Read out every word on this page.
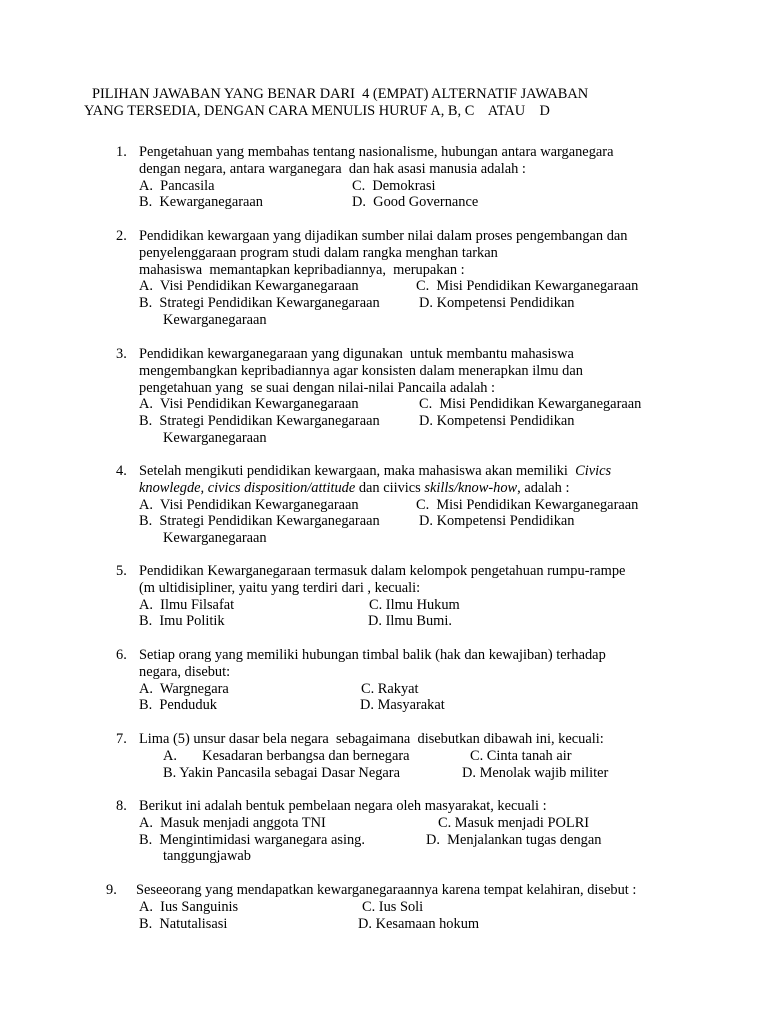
PILIHAN JAWABAN YANG BENAR DARI  4 (EMPAT) ALTERNATIF JAWABAN
YANG TERSEDIA, DENGAN CARA MENULIS HURUF A, B, C    ATAU    D
1. Pengetahuan yang membahas tentang nasionalisme, hubungan antara warganegara
dengan negara, antara warganegara  dan hak asasi manusia adalah :

A.  Pancasila

	C.  Demokrasi

B.  Kewarganegaraan

	D.  Good Governance

2. Pendidikan kewargaan yang dijadikan sumber nilai dalam proses pengembangan dan
penyelenggaraan program studi dalam rangka menghan tarkan
mahasiswa  memantapkan kepribadiannya,  merupakan :

A.  Visi Pendidikan Kewarganegaraan

	C.  Misi Pendidikan Kewarganegaraan

B.  Strategi Pendidikan Kewarganegaraan

	D. Kompetensi Pendidikan

Kewarganegaraan
3. Pendidikan kewarganegaraan yang digunakan  untuk membantu mahasiswa
mengembangkan kepribadiannya agar konsisten dalam menerapkan ilmu dan
pengetahuan yang  se suai dengan nilai-nilai Pancaila adalah :

A.  Visi Pendidikan Kewarganegaraan

	C.  Misi Pendidikan Kewarganegaraan

B.  Strategi Pendidikan Kewarganegaraan

	D. Kompetensi Pendidikan

Kewarganegaraan
4. Setelah mengikuti pendidikan kewargaan, maka mahasiswa akan memiliki  Civics
knowlegde, civics disposition/attitude dan ciivics skills/know-how, adalah :

A.  Visi Pendidikan Kewarganegaraan

	C.  Misi Pendidikan Kewarganegaraan

B.  Strategi Pendidikan Kewarganegaraan

	D. Kompetensi Pendidikan

Kewarganegaraan
5. Pendidikan Kewarganegaraan termasuk dalam kelompok pengetahuan rumpu-rampe
(m ultidisipliner, yaitu yang terdiri dari , kecuali:

A.  Ilmu Filsafat

	C. Ilmu Hukum

B.  Imu Politik

	D. Ilmu Bumi.

6. Setiap orang yang memiliki hubungan timbal balik (hak dan kewajiban) terhadap
negara, disebut:

A.  Wargnegara

	C. Rakyat

B.  Penduduk

	D. Masyarakat

7. Lima (5) unsur dasar bela negara  sebagaimana  disebutkan dibawah ini, kecuali:

A.       Kesadaran berbangsa dan bernegara

	C. Cinta tanah air

B. Yakin Pancasila sebagai Dasar Negara

	D. Menolak wajib militer

8. Berikut ini adalah bentuk pembelaan negara oleh masyarakat, kecuali :

A.  Masuk menjadi anggota TNI

	C. Masuk menjadi POLRI

B.  Mengintimidasi warganegara asing.

	D.  Menjalankan tugas dengan

tanggungjawab
9.	Seseeorang yang mendapatkan kewarganegaraannya karena tempat kelahiran, disebut :

A.  Ius Sanguinis

	C. Ius Soli

B.  Natutalisasi

	D. Kesamaan hokum
